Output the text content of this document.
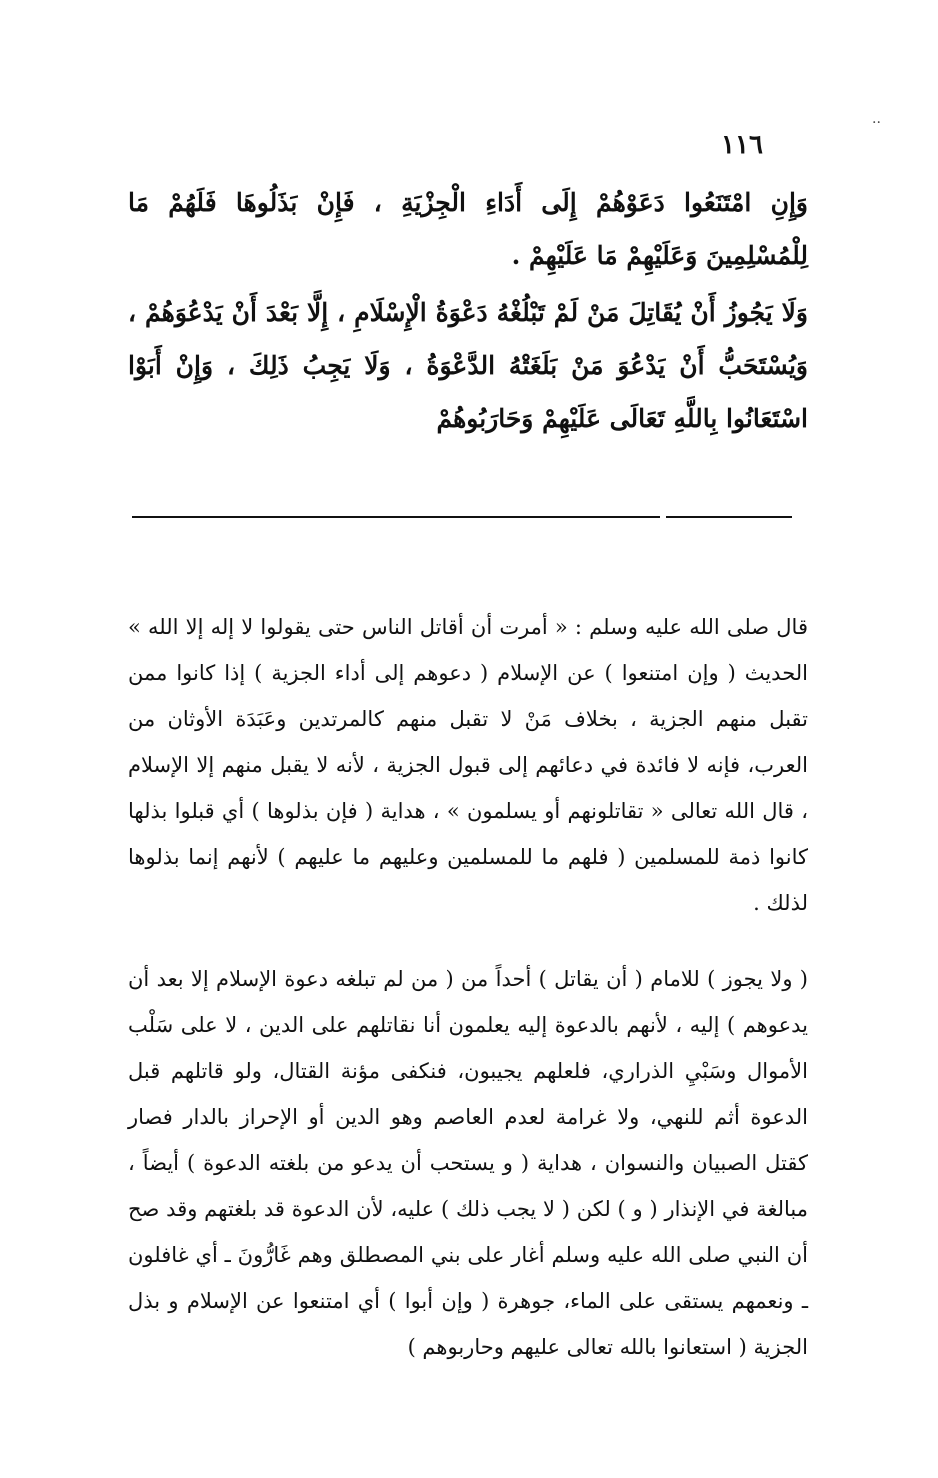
..
١١٦

وَإِنِ امْتَنَعُوا دَعَوْهُمْ إِلَى أَدَاءِ الْجِزْيَةِ ، فَإِنْ بَذَلُوهَا فَلَهُمْ مَا لِلْمُسْلِمِينَ وَعَلَيْهِمْ مَا عَلَيْهِمْ .

وَلَا يَجُوزُ أَنْ يُقَاتِلَ مَنْ لَمْ تَبْلُغْهُ دَعْوَةُ الْإِسْلَامِ ، إِلَّا بَعْدَ أَنْ يَدْعُوَهُمْ ، وَيُسْتَحَبُّ أَنْ يَدْعُوَ مَنْ بَلَغَتْهُ الدَّعْوَةُ ، وَلَا يَجِبُ ذَلِكَ ، وَإِنْ أَبَوْا اسْتَعَانُوا بِاللَّهِ تَعَالَى عَلَيْهِمْ وَحَارَبُوهُمْ

قال صلى الله عليه وسلم : « أمرت أن أقاتل الناس حتى يقولوا لا إله إلا الله » الحديث ( وإن امتنعوا ) عن الإسلام ( دعوهم إلى أداء الجزية ) إذا كانوا ممن تقبل منهم الجزية ، بخلاف مَنْ لا تقبل منهم كالمرتدين وعَبَدَة الأوثان من العرب، فإنه لا فائدة في دعائهم إلى قبول الجزية ، لأنه لا يقبل منهم إلا الإسلام ، قال الله تعالى « تقاتلونهم أو يسلمون » ، هداية ( فإن بذلوها ) أي قبلوا بذلها كانوا ذمة للمسلمين ( فلهم ما للمسلمين وعليهم ما عليهم ) لأنهم إنما بذلوها لذلك .

( ولا يجوز ) للامام ( أن يقاتل ) أحداً من ( من لم تبلغه دعوة الإسلام إلا بعد أن يدعوهم ) إليه ، لأنهم بالدعوة إليه يعلمون أنا نقاتلهم على الدين ، لا على سَلْب الأموال وسَبْيِ الذراري، فلعلهم يجيبون، فنكفى مؤنة القتال، ولو قاتلهم قبل الدعوة أثم للنهي، ولا غرامة لعدم العاصم وهو الدين أو الإحراز بالدار فصار كقتل الصبيان والنسوان ، هداية ( و يستحب أن يدعو من بلغته الدعوة ) أيضاً ، مبالغة في الإنذار ( و ) لكن ( لا يجب ذلك ) عليه، لأن الدعوة قد بلغتهم وقد صح أن النبي صلى الله عليه وسلم أغار على بني المصطلق وهم غَارُّونَ ـ أي غافلون ـ ونعمهم يستقى على الماء، جوهرة ( وإن أبوا ) أي امتنعوا عن الإسلام و بذل الجزية ( استعانوا بالله تعالى عليهم وحاربوهم )
